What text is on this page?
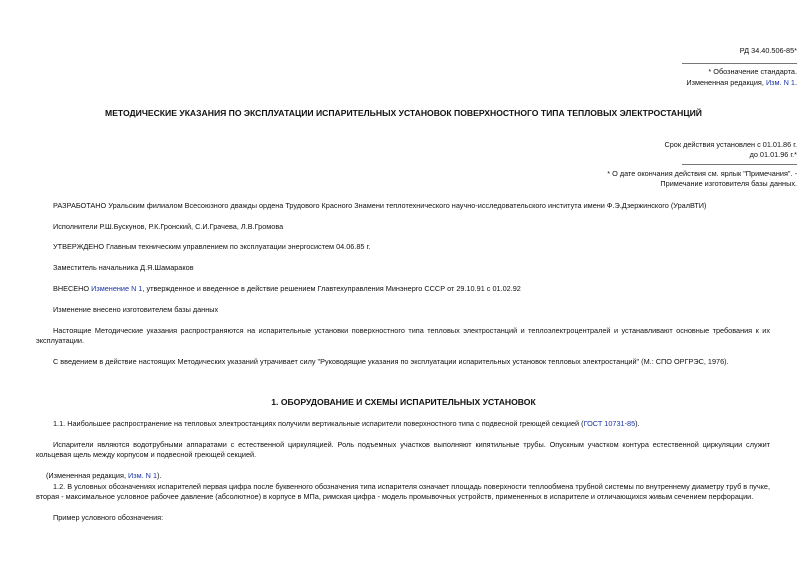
РД 34.40.506-85*
* Обозначение стандарта.
Измененная редакция, Изм. N 1.
МЕТОДИЧЕСКИЕ УКАЗАНИЯ ПО ЭКСПЛУАТАЦИИ ИСПАРИТЕЛЬНЫХ УСТАНОВОК ПОВЕРХНОСТНОГО ТИПА ТЕПЛОВЫХ ЭЛЕКТРОСТАНЦИЙ
Срок действия установлен с 01.01.86 г.
до 01.01.96 г.*
* О дате окончания действия см. ярлык "Примечания". -
Примечание изготовителя базы данных.
РАЗРАБОТАНО Уральским филиалом Всесоюзного дважды ордена Трудового Красного Знамени теплотехнического научно-исследовательского института имени Ф.Э.Дзержинского (УралВТИ)
Исполнители Р.Ш.Бускунов, Р.К.Гронский, С.И.Грачева, Л.В.Громова
УТВЕРЖДЕНО Главным техническим управлением по эксплуатации энергосистем 04.06.85 г.
Заместитель начальника Д.Я.Шамараков
ВНЕСЕНО Изменение N 1, утвержденное и введенное в действие решением Главтехуправления Минэнерго СССР от 29.10.91 с 01.02.92
Изменение внесено изготовителем базы данных
Настоящие Методические указания распространяются на испарительные установки поверхностного типа тепловых электростанций и теплоэлектроцентралей и устанавливают основные требования к их эксплуатации.
С введением в действие настоящих Методических указаний утрачивает силу "Руководящие указания по эксплуатации испарительных установок тепловых электростанций" (М.: СПО ОРГРЭС, 1976).
1. ОБОРУДОВАНИЕ И СХЕМЫ ИСПАРИТЕЛЬНЫХ УСТАНОВОК
1.1. Наибольшее распространение на тепловых электростанциях получили вертикальные испарители поверхностного типа с подвесной греющей секцией (ГОСТ 10731-85).
Испарители являются водотрубными аппаратами с естественной циркуляцией. Роль подъемных участков выполняют кипятильные трубы. Опускным участком контура естественной циркуляции служит кольцевая щель между корпусом и подвесной греющей секцией.
(Измененная редакция, Изм. N 1).
1.2. В условных обозначениях испарителей первая цифра после буквенного обозначения типа испарителя означает площадь поверхности теплообмена трубной системы по внутреннему диаметру труб в пучке, вторая - максимальное условное рабочее давление (абсолютное) в корпусе в МПа, римская цифра - модель промывочных устройств, примененных в испарителе и отличающихся живым сечением перфорации.
Пример условного обозначения:
